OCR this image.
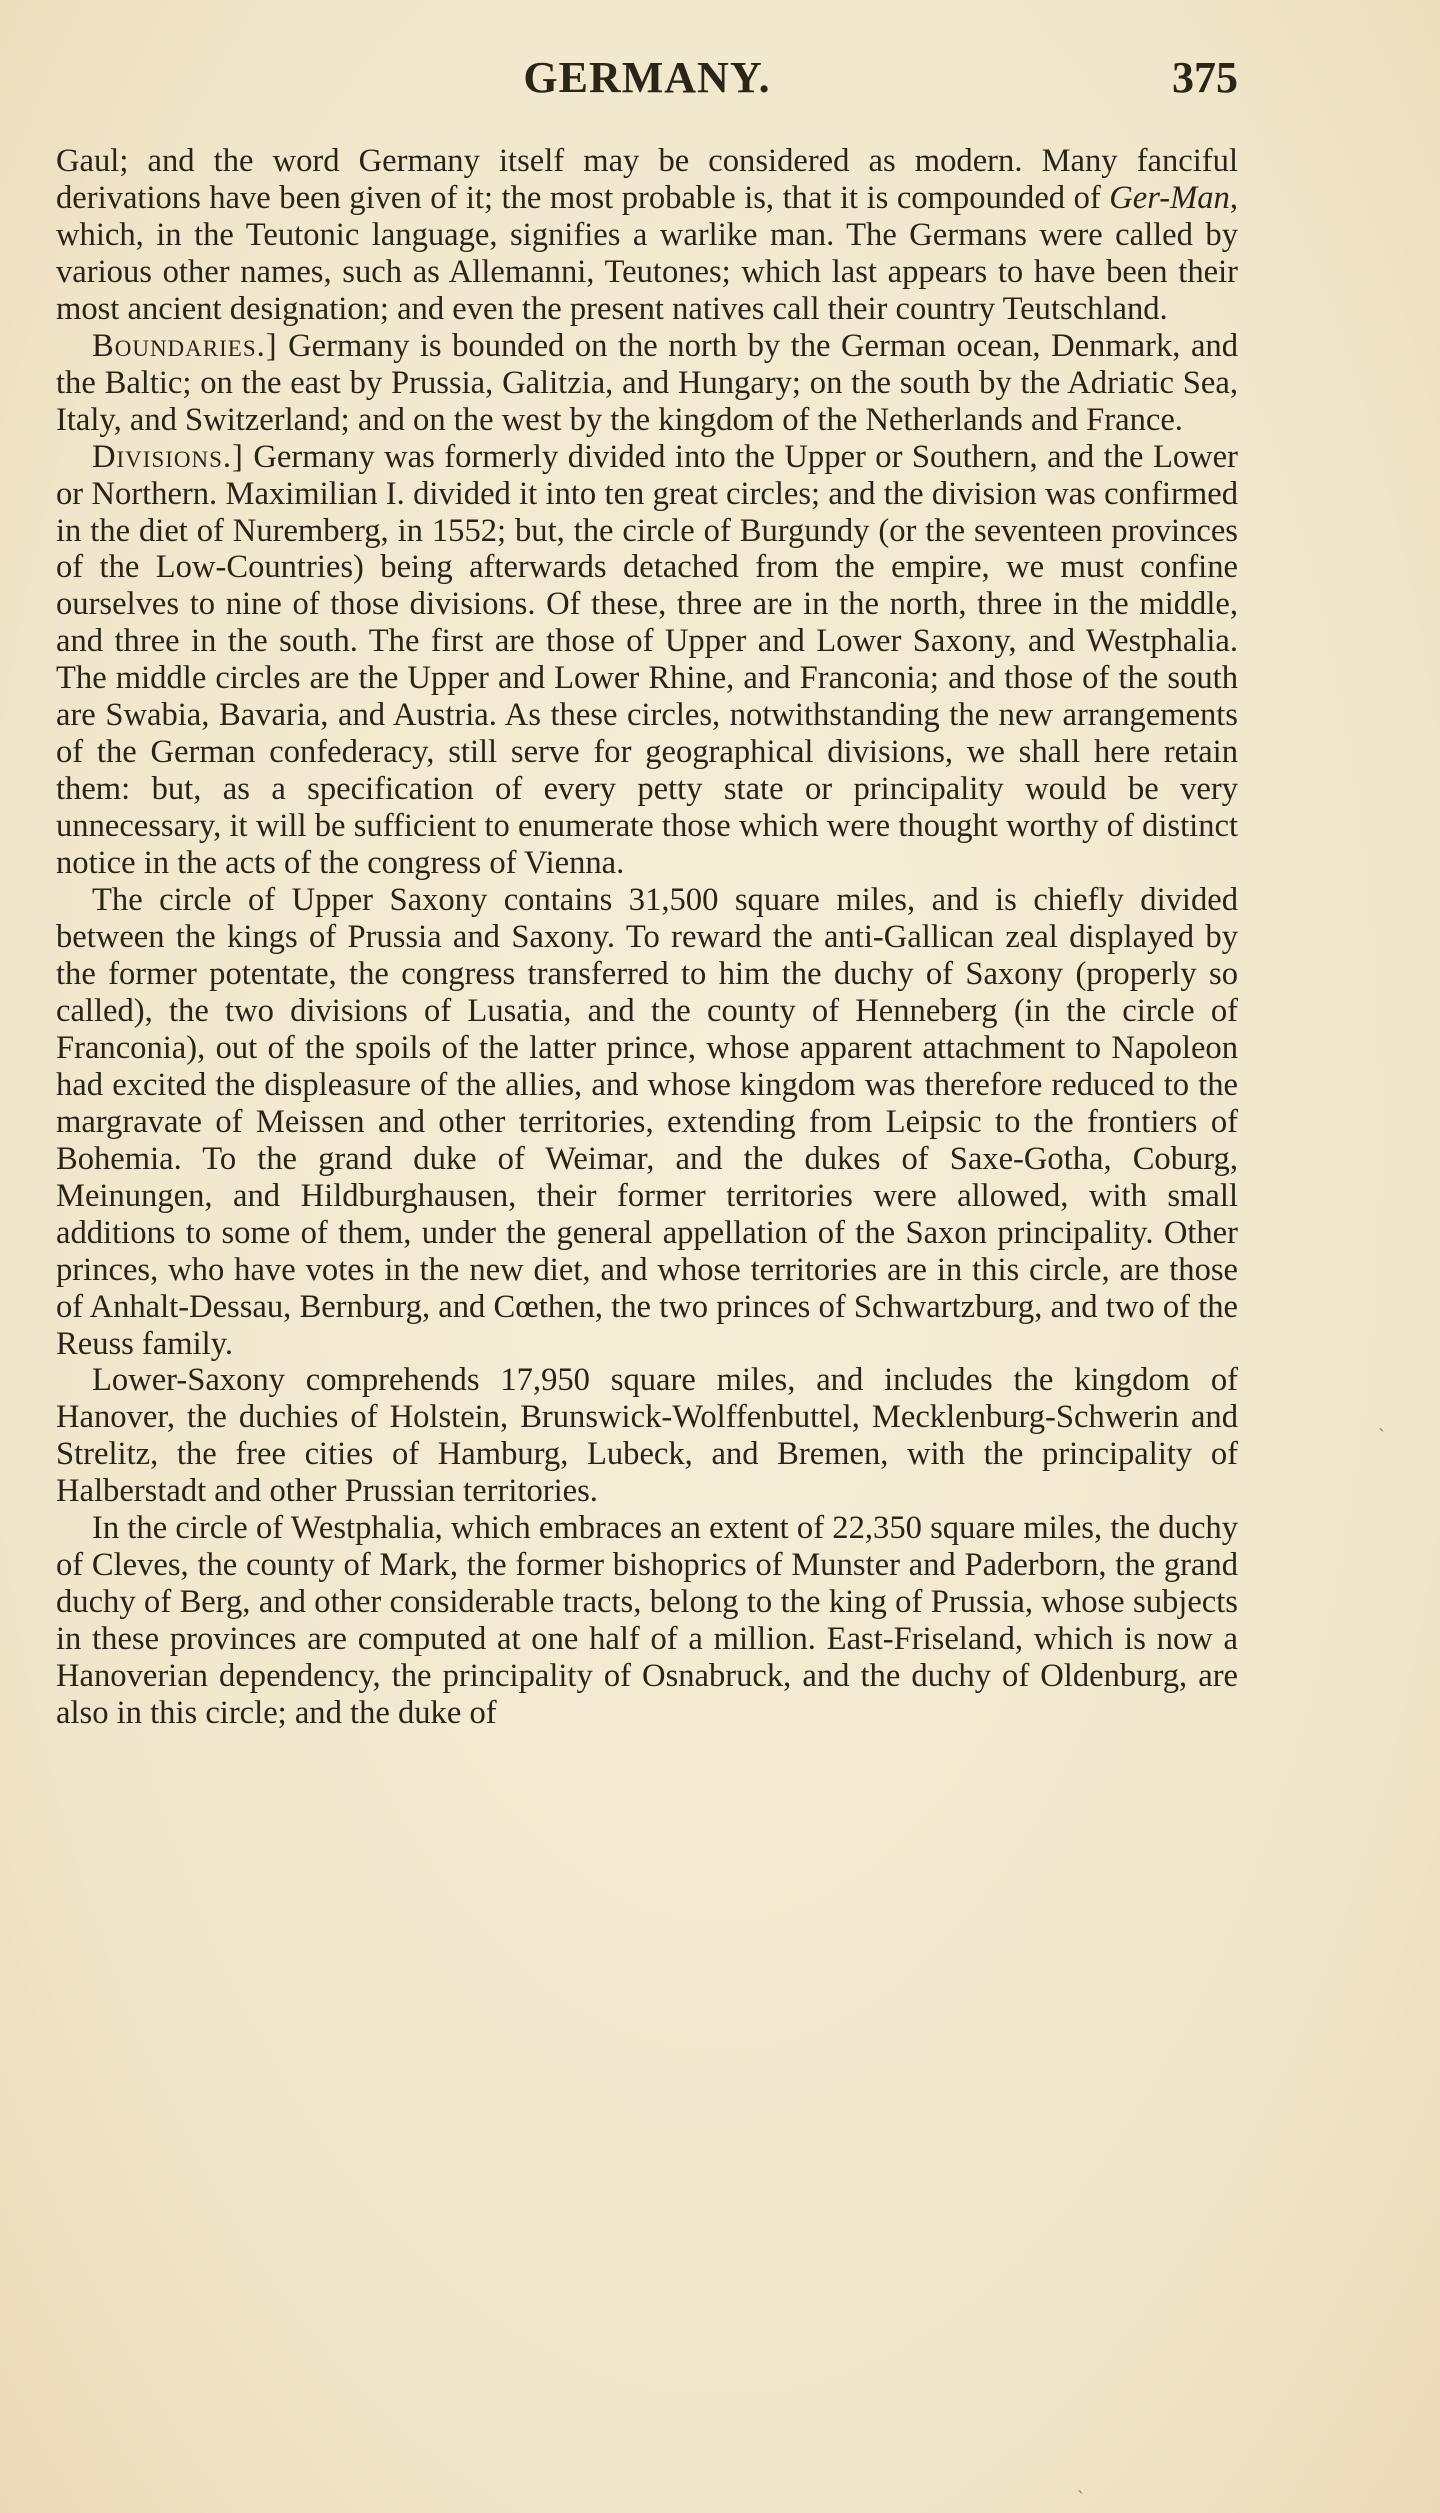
GERMANY.	375

Gaul; and the word Germany itself may be considered as modern. Many fanciful derivations have been given of it; the most probable is, that it is compounded of Ger-Man, which, in the Teutonic language, signifies a warlike man. The Germans were called by various other names, such as Allemanni, Teutones; which last appears to have been their most ancient designation; and even the present natives call their country Teutschland.

Boundaries.] Germany is bounded on the north by the German ocean, Denmark, and the Baltic; on the east by Prussia, Galitzia, and Hungary; on the south by the Adriatic Sea, Italy, and Switzerland; and on the west by the kingdom of the Netherlands and France.

Divisions.] Germany was formerly divided into the Upper or Southern, and the Lower or Northern. Maximilian I. divided it into ten great circles; and the division was confirmed in the diet of Nuremberg, in 1552; but, the circle of Burgundy (or the seventeen provinces of the Low-Countries) being afterwards detached from the empire, we must confine ourselves to nine of those divisions. Of these, three are in the north, three in the middle, and three in the south. The first are those of Upper and Lower Saxony, and Westphalia. The middle circles are the Upper and Lower Rhine, and Franconia; and those of the south are Swabia, Bavaria, and Austria. As these circles, notwithstanding the new arrangements of the German confederacy, still serve for geographical divisions, we shall here retain them: but, as a specification of every petty state or principality would be very unnecessary, it will be sufficient to enumerate those which were thought worthy of distinct notice in the acts of the congress of Vienna.

The circle of Upper Saxony contains 31,500 square miles, and is chiefly divided between the kings of Prussia and Saxony. To reward the anti-Gallican zeal displayed by the former potentate, the congress transferred to him the duchy of Saxony (properly so called), the two divisions of Lusatia, and the county of Henneberg (in the circle of Franconia), out of the spoils of the latter prince, whose apparent attachment to Napoleon had excited the displeasure of the allies, and whose kingdom was therefore reduced to the margravate of Meissen and other territories, extending from Leipsic to the frontiers of Bohemia. To the grand duke of Weimar, and the dukes of Saxe-Gotha, Coburg, Meinungen, and Hildburghausen, their former territories were allowed, with small additions to some of them, under the general appellation of the Saxon principality. Other princes, who have votes in the new diet, and whose territories are in this circle, are those of Anhalt-Dessau, Bernburg, and Cœthen, the two princes of Schwartzburg, and two of the Reuss family.

Lower-Saxony comprehends 17,950 square miles, and includes the kingdom of Hanover, the duchies of Holstein, Brunswick-Wolffenbuttel, Mecklenburg-Schwerin and Strelitz, the free cities of Hamburg, Lubeck, and Bremen, with the principality of Halberstadt and other Prussian territories.

In the circle of Westphalia, which embraces an extent of 22,350 square miles, the duchy of Cleves, the county of Mark, the former bishoprics of Munster and Paderborn, the grand duchy of Berg, and other considerable tracts, belong to the king of Prussia, whose subjects in these provinces are computed at one half of a million. East-Friseland, which is now a Hanoverian dependency, the principality of Osnabruck, and the duchy of Oldenburg, are also in this circle; and the duke of

ˏ
ˎ
